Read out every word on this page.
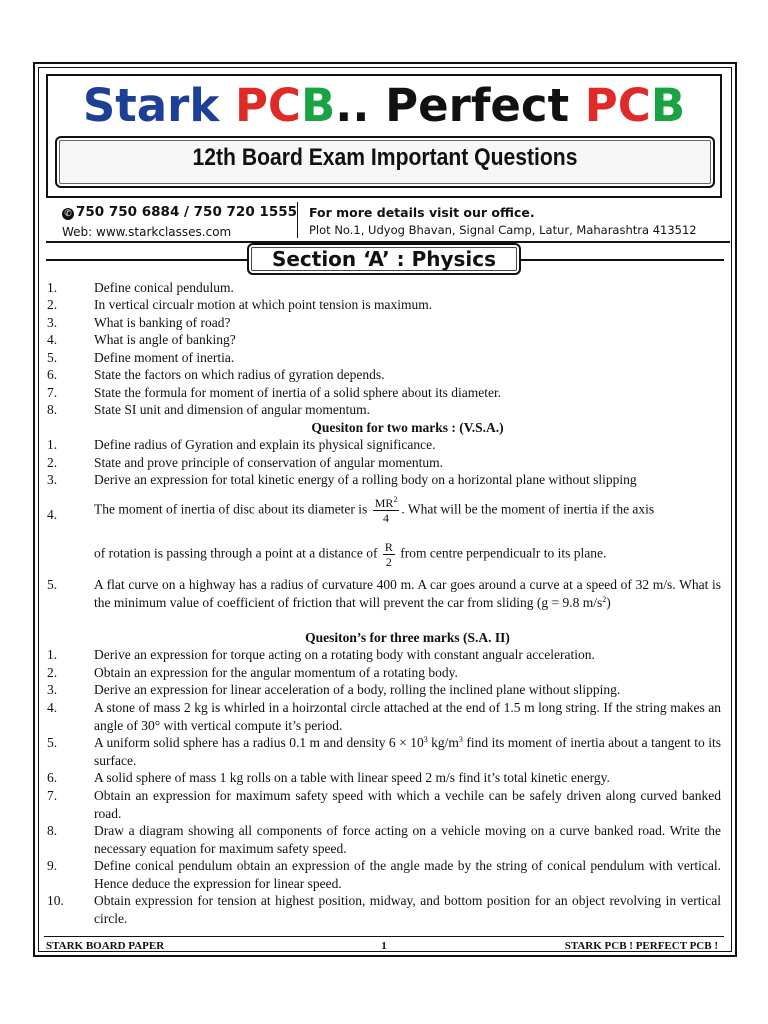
Stark PCB.. Perfect PCB
12th Board Exam Important Questions
✆ 750 750 6884 / 750 720 1555
Web: www.starkclasses.com
For more details visit our office.
Plot No.1, Udyog Bhavan, Signal Camp, Latur, Maharashtra 413512
Section ‘A’ : Physics
1.	Define conical pendulum.
2.	In vertical circualr motion at which point tension is maximum.
3.	What is banking of road?
4.	What is angle of banking?
5.	Define moment of inertia.
6.	State the factors on which radius of gyration depends.
7.	State the formula for moment of inertia of a solid sphere about its diameter.
8.	State SI unit and dimension of angular momentum.
Quesiton for two marks : (V.S.A.)
1.	Define radius of Gyration and explain its physical significance.
2.	State and prove principle of conservation of angular momentum.
3.	Derive an expression for total kinetic energy of a rolling body on a horizontal plane without slipping
4.	The moment of inertia of disc about its diameter is $\frac{MR^2}{4}$ . What will be the moment of inertia if the axis
of rotation is passing through a point at a distance of $\frac{R}{2}$ from centre perpendicualr to its plane.
5.	A flat curve on a highway has a radius of curvature 400 m. A car goes around a curve at a speed of 32 m/s. What is the minimum value of coefficient of friction that will prevent the car from sliding (g = 9.8 $m/s^2$)
Quesiton’s for three marks (S.A. II)
1.	Derive an expression for torque acting on a rotating body with constant angualr acceleration.
2.	Obtain an expression for the angular momentum of a rotating body.
3.	Derive an expression for linear acceleration of a body, rolling the inclined plane without slipping.
4.	A stone of mass 2 kg is whirled in a hoirzontal circle attached at the end of 1.5 m long string. If the string makes an angle of 30° with vertical compute it’s period.
5.	A uniform solid sphere has a radius 0.1 m and density $6 \times 10^3$ $kg/m^3$ find its moment of inertia about a tangent to its surface.
6.	A solid sphere of mass 1 kg rolls on a table with linear speed 2 m/s find it’s total kinetic energy.
7.	Obtain an expression for maximum safety speed with which a vechile can be safely driven along curved banked road.
8.	Draw a diagram showing all components of force acting on a vehicle moving on a curve banked road. Write the necessary equation for maximum safety speed.
9.	Define conical pendulum obtain an expression of the angle made by the string of conical pendulum with vertical. Hence deduce the expression for linear speed.
10. Obtain expression for tension at highest position, midway, and bottom position for an object revolving in vertical circle.
STARK BOARD PAPER	1	STARK PCB ! PERFECT PCB !
